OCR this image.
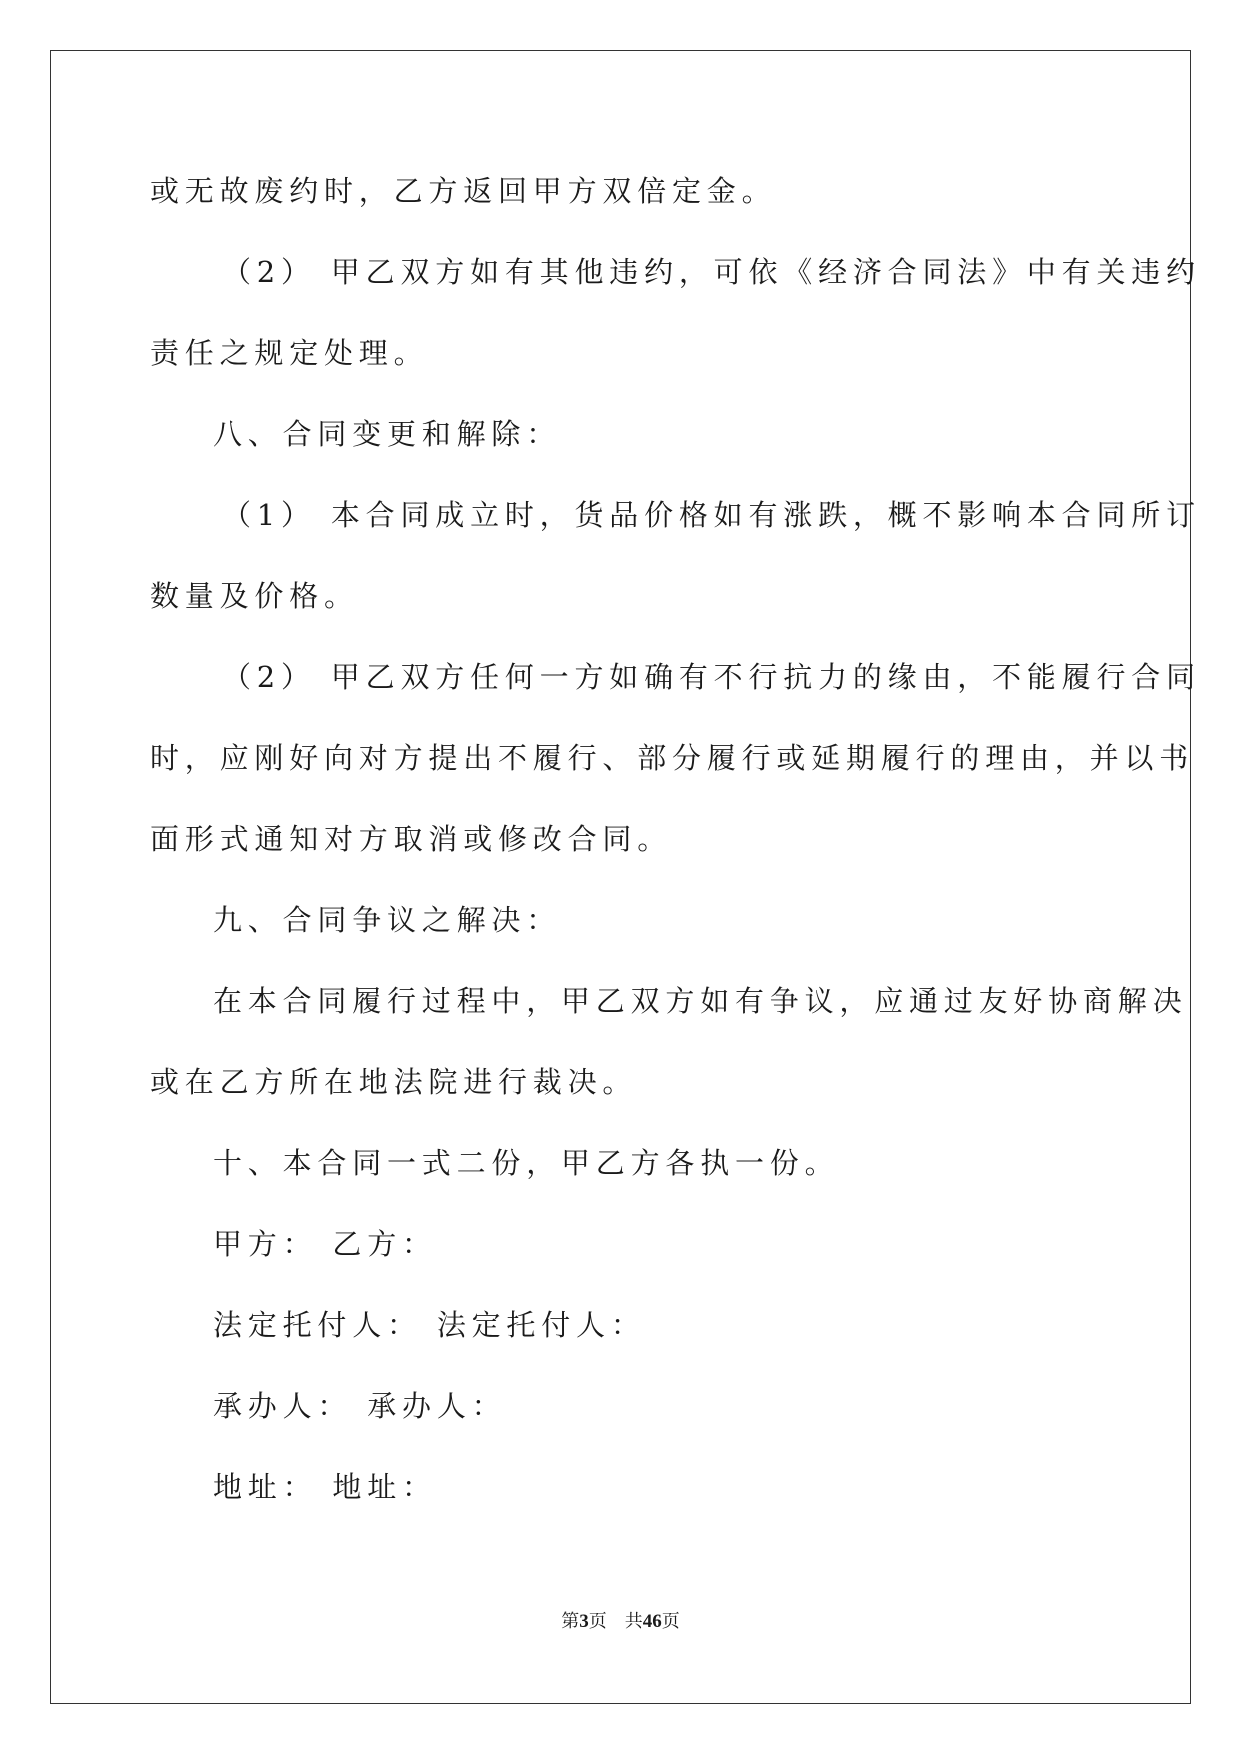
或无故废约时，乙方返回甲方双倍定金。
（2） 甲乙双方如有其他违约，可依《经济合同法》中有关违约
责任之规定处理。
八、合同变更和解除：
（1） 本合同成立时，货品价格如有涨跌，概不影响本合同所订
数量及价格。
（2） 甲乙双方任何一方如确有不行抗力的缘由，不能履行合同
时，应刚好向对方提出不履行、部分履行或延期履行的理由，并以书
面形式通知对方取消或修改合同。
九、合同争议之解决：
在本合同履行过程中，甲乙双方如有争议，应通过友好协商解决
或在乙方所在地法院进行裁决。
十、本合同一式二份，甲乙方各执一份。
甲方： 乙方：
法定托付人： 法定托付人：
承办人： 承办人：
地址： 地址：
第3页 共46页
